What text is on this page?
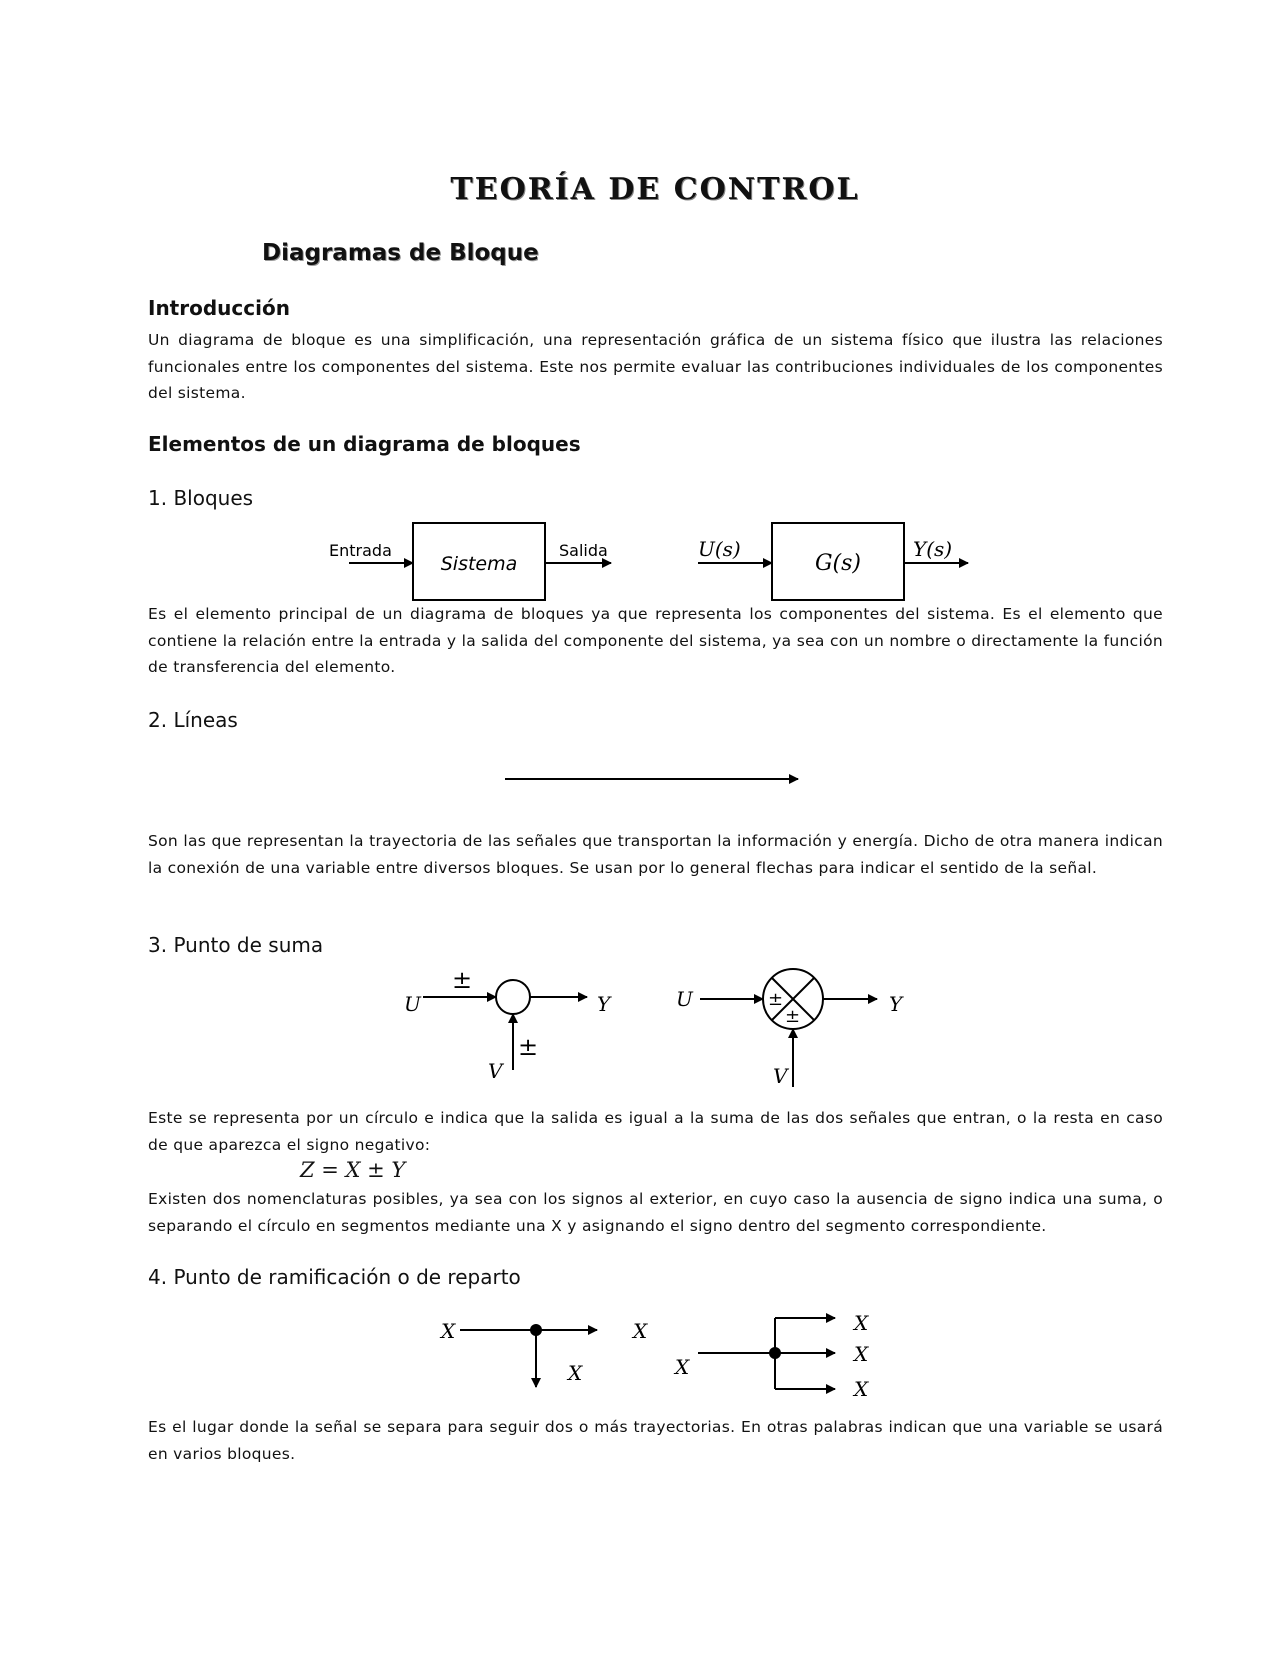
TEORÍA DE CONTROL
Diagramas de Bloque
Introducción
Un diagrama de bloque es una simplificación, una representación gráfica de un sistema físico que ilustra las relaciones funcionales entre los componentes del sistema. Este nos permite evaluar las contribuciones individuales de los componentes del sistema.
Elementos de un diagrama de bloques
1. Bloques
Es el elemento principal de un diagrama de bloques ya que representa los componentes del sistema. Es el elemento que contiene la relación entre la entrada y la salida del componente del sistema, ya sea con un nombre o directamente la función de transferencia del elemento.
2. Líneas
Son las que representan la trayectoria de las señales que transportan la información y energía. Dicho de otra manera indican la conexión de una variable entre diversos bloques. Se usan por lo general flechas para indicar el sentido de la señal.
3. Punto de suma
Este se representa por un círculo e indica que la salida es igual a la suma de las dos señales que entran, o la resta en caso de que aparezca el signo negativo:
Z = X ± Y
Existen dos nomenclaturas posibles, ya sea con los signos al exterior, en cuyo caso la ausencia de signo indica una suma, o separando el círculo en segmentos mediante una X y asignando el signo dentro del segmento correspondiente.
4. Punto de ramificación o de reparto
Es el lugar donde la señal se separa para seguir dos o más trayectorias. En otras palabras indican que una variable se usará en varios bloques.
Entrada
Sistema
Salida	U(s)
G(s)
Y(s)
U
±
Y
±
V
U	±
±
Y
V
X	X
X	X
X
X
X
